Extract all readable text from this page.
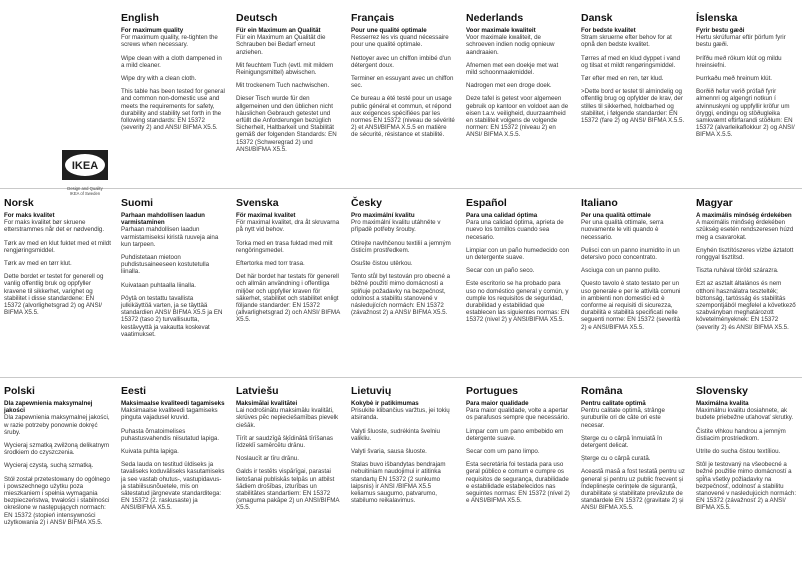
English
For maximum quality
For maximum quality, re-tighten the screws when necessary.
Wipe clean with a cloth dampened in a mild cleaner.
Wipe dry with a clean cloth.
This table has been tested for general and common non-domestic use and meets the requirements for safety, durability and stability set forth in the following standards: EN 15372 (severity 2) and ANSI/ BIFMA X5.5.
Deutsch
Für ein Maximum an Qualität
Für ein Maximum an Qualität die Schrauben bei Bedarf erneut anziehen.
Mit feuchtem Tuch (evtl. mit mildem Reinigungsmittel) abwischen.
Mit trockenem Tuch nachwischen.
Dieser Tisch wurde für den allgemeinen und den üblichen nicht häuslichen Gebrauch getestet und erfüllt die Anforderungen bezüglich Sicherheit, Haltbarkeit und Stabilität gemäß der folgenden Standards: EN 15372 (Schweregrad 2) und ANSI/BIFMA X5.5.
Français
Pour une qualité optimale
Resserrez les vis quand nécessaire pour une qualité optimale.
Nettoyer avec un chiffon imbibé d'un détergent doux.
Terminer en essuyant avec un chiffon sec.
Ce bureau a été testé pour un usage public général et commun, et répond aux exigences spécifiées par les normes EN 15372 (niveau de sévérité 2) et ANSI/BIFMA X.5.5 en matière de sécurité, résistance et stabilité.
Nederlands
Voor maximale kwaliteit
Voor maximale kwaliteit, de schroeven indien nodig opnieuw aandraaien.
Afnemen met een doekje met wat mild schoonmaakmiddel.
Nadrogen met een droge doek.
Deze tafel is getest voor algemeen gebruik op kantoor en voldoet aan de eisen t.a.v. veiligheid, duurzaamheid en stabiliteit volgens de volgende normen: EN 15372 (niveau 2) en ANSI/ BIFMA X.5.5.
Dansk
For bedste kvalitet
Stram skruerne efter behov for at opnå den bedste kvalitet.
Tørres af med en klud dyppet i vand og tilsat et mildt rengøringsmiddel.
Tør efter med en ren, tør klud.
>Dette bord er testet til almindelig og offentlig brug og opfylder de krav, der stilles til sikkerhed, holdbarhed og stabilitet, i følgende standarder: EN 15372 (fare 2) og ANSI/ BIFMA X.5.5.
Íslenska
Fyrir bestu gæði
Hertu skrúfurnar eftir þörfum fyrir bestu gæði.
Þrífðu með rökum klút og mildu hreinsiefni.
Þurrkaðu með hreinum klút.
Borðið hefur verið prófað fyrir almennri og algengri notkun í atvinnuskyni og uppfyllir kröfur um öryggi, endingu og stöðugleika samkvæmt eftirfarandi stöðlum: EN 15372 (alvarleikaflokkur 2) og ANSI/ BIFMA X.5.5.
Norsk
For maks kvalitet
For maks kvalitet bør skruene etterstrammes når det er nødvendig.
Tørk av med en klut fuktet med et mildt rengjøringsmiddel.
Tørk av med en tørr klut.
Dette bordet er testet for generell og vanlig offentlig bruk og oppfyller kravene til sikkerhet, varighet og stabilitet i disse standardene: EN 15372 (alvorlighetsgrad 2) og ANSI/ BIFMA X5.5.
Suomi
Parhaan mahdollisen laadun varmistaminen
Parhaan mahdollisen laadun varmistamiseksi kiristä ruuveja aina kun tarpeen.
Puhdistetaan mietoon puhdistusaineeseen kostutetulla liinalla.
Kuivataan puhtaalla liinalla.
Pöytä on testattu tavallista julkikäyttöä varten, ja se täyttää standardien ANSI/ BIFMA X5.5 ja EN 15372 (taso 2) turvallisuutta, kestävyyttä ja vakautta koskevat vaatimukset.
Svenska
För maximal kvalitet
För maximal kvalitet, dra åt skruvarna på nytt vid behov.
Torka med en trasa fuktad med milt rengöringsmedel.
Eftertorka med torr trasa.
Det här bordet har testats för generell och allmän användning i offentliga miljöer och uppfyller kraven för säkerhet, stabilitet och stabilitet enligt följande standarder: EN 15372 (allvarlighetsgrad 2) och ANSI/ BIFMA X5.5.
Česky
Pro maximální kvalitu
Pro maximální kvalitu utáhněte v případě potřeby šrouby.
Otírejte navlhčenou textilií a jemným čisticím prostředkem.
Osušte čistou utěrkou.
Tento stůl byl testován pro obecné a běžné použití mimo domácnosti a splňuje požadavky na bezpečnost, odolnost a stabilitu stanovené v následujících normách: EN 15372 (závažnost 2) a ANSI/ BIFMA X5.5.
Español
Para una calidad óptima
Para una calidad óptima, aprieta de nuevo los tornillos cuando sea necesario.
Limpiar con un paño humedecido con un detergente suave.
Secar con un paño seco.
Este escritorio se ha probado para uso no doméstico general y común, y cumple los requisitos de seguridad, durabilidad y estabilidad que establecen las siguientes normas: EN 15372 (nivel 2) y ANSI/BIFMA X5.5.
Italiano
Per una qualità ottimale
Per una qualità ottimale, serra nuovamente le viti quando è necessario.
Pulisci con un panno inumidito in un detersivo poco concentrato.
Asciuga con un panno pulito.
Questo tavolo è stato testato per un uso generale e per le attività comuni in ambienti non domestici ed è conforme ai requisiti di sicurezza, durabilità e stabilità specificati nelle seguenti norme: EN 15372 (severità 2) e ANSI/BIFMA X5.5.
Magyar
A maximális minőség érdekében
A maximális minőség érdekében szükség esetén rendszeresen húzd meg a csavarokat.
Enyhén tisztítószeres vízbe áztatott ronggyal tisztítsd.
Tiszta ruhával töröld szárazra.
Ezt az asztalt általános és nem otthoni használatra tesztelték; biztonság, tartósság és stabilitás szempontjából megfelel a következő szabványban meghatározott követelményeknek: EN 15372 (severity 2) és ANSI/ BIFMA X5.5.
Polski
Dla zapewnienia maksymalnej jakości
Dla zapewnienia maksymalnej jakości, w razie potrzeby ponownie dokręć śruby.
Wycieraj szmatką zwilżoną delikatnym środkiem do czyszczenia.
Wycieraj czystą, suchą szmatką.
Stół został przetestowany do ogólnego i powszechnego użytku poza mieszkaniem i spełnia wymagania bezpieczeństwa, trwałości i stabilności określone w następujących normach: EN 15372 (stopień intensywności użytkowania 2) i ANSI/ BIFMA X5.5.
Eesti
Maksimaalse kvaliteedi tagamiseks
Maksimaalse kvaliteedi tagamiseks pinguta vajadusel kruvid.
Puhasta õrnatoimelises puhastusvahendis niisutatud lapiga.
Kuivata puhta lapiga.
Seda lauda on testitud üldiseks ja tavaliseks koduväliseks kasutamiseks ja see vastab ohutus-, vastupidavus- ja stabiilsusnõuetele, mis on sätestatud järgnevate standarditega: EN 15372 (2. raskusaste) ja ANSI/BIFMA X5.5.
Latviešu
Maksimālai kvalitātei
Lai nodrošinātu maksimālu kvalitāti, skrūves pēc nepieciešamības pievelk ciešāk.
Tīrīt ar saudzīgā šķīdinātā tīrīšanas līdzeklī samērcētu drānu.
Noslaucīt ar tīru drānu.
Galds ir testēts vispārīgai, parastai lietošanai publiskās telpās un atbilst šādiem drošības, izturības un stabilitātes standartiem: EN 15372 (smaguma pakāpe 2) un ANSI/BIFMA X5.5.
Lietuvių
Kokybė ir patikimumas
Prisukite klibančius varžtus, jei tokių atsiranda.
Valyti šluoste, sudrėkinta švelniu valikliu.
Valyti švaria, sausa šluoste.
Stalas buvo išbandytas bendrajam nebuitiniam naudojimui ir atitinka standartų EN 15372 (2 sunkumo laipsnis) ir ANSI /BIFMA X5.5 keliamus saugumo, patvarumo, stabilumo reikalavimus.
Portugues
Para maior qualidade
Para maior qualidade, volte a apertar os parafusos sempre que necessário.
Limpar com um pano embebido em detergente suave.
Secar com um pano limpo.
Esta secretária foi testada para uso geral público e comum e cumpre os requisitos de segurança, durabilidade e estabilidade estabelecidos nas seguintes normas: EN 15372 (nível 2) e ANSI/BIFMA X5.5.
Româna
Pentru calitate optimă
Pentru calitate optimă, strânge șuruburile ori de câte ori este necesar.
Șterge cu o cârpă înmuiată în detergent delicat.
Șterge cu o cârpă curată.
Această masă a fost testată pentru uz general și pentru uz public frecvent și îndeplinește cerințele de siguranță, durabilitate și stabilitate prevăzute de standardele EN 15372 (gravitate 2) și ANSI/ BIFMA X5.5.
Slovensky
Maximálna kvalita
Maximálnu kvalitu dosiahnete, ak budete priebežne uťahovať skrutky.
Čistite vlhkou handrou a jemným čistiacim prostriedkom.
Utrite do sucha čistou textíliou.
Stôl je testovaný na všeobecné a bežné použitie mimo domácností a spĺňa všetky požiadavky na bezpečnosť, odolnosť a stabilitu stanovené v nasledujúcich normách: EN 15372 (závažnosť 2) a ANSI/ BIFMA X5.5.
IKEA
Design and Quality
IKEA of Sweden
